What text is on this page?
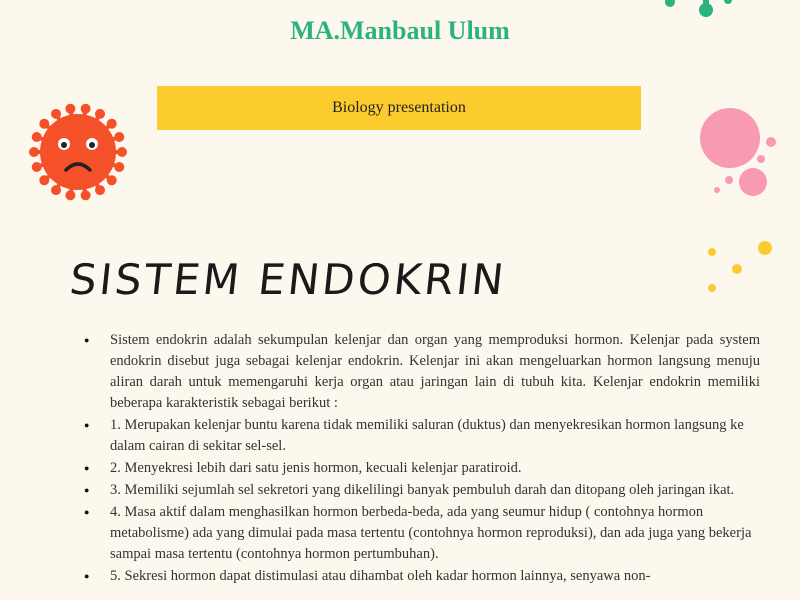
MA.Manbaul Ulum
Biology presentation
SISTEM ENDOKRIN
● Sistem endokrin adalah sekumpulan kelenjar dan organ yang memproduksi hormon. Kelenjar pada system endokrin disebut juga sebagai kelenjar endokrin. Kelenjar ini akan mengeluarkan hormon langsung menuju aliran darah untuk memengaruhi kerja organ atau jaringan lain di tubuh kita. Kelenjar endokrin memiliki beberapa karakteristik sebagai berikut :
● 1. Merupakan kelenjar buntu karena tidak memiliki saluran (duktus) dan menyekresikan hormon langsung ke dalam cairan di sekitar sel-sel.
● 2. Menyekresi lebih dari satu jenis hormon, kecuali kelenjar paratiroid.
● 3. Memiliki sejumlah sel sekretori yang dikelilingi banyak pembuluh darah dan ditopang oleh jaringan ikat.
● 4. Masa aktif dalam menghasilkan hormon berbeda-beda, ada yang seumur hidup ( contohnya hormon metabolisme) ada yang dimulai pada masa tertentu (contohnya hormon reproduksi), dan ada juga yang bekerja sampai masa tertentu (contohnya hormon pertumbuhan).
● 5. Sekresi hormon dapat distimulasi atau dihambat oleh kadar hormon lainnya, senyawa non-
